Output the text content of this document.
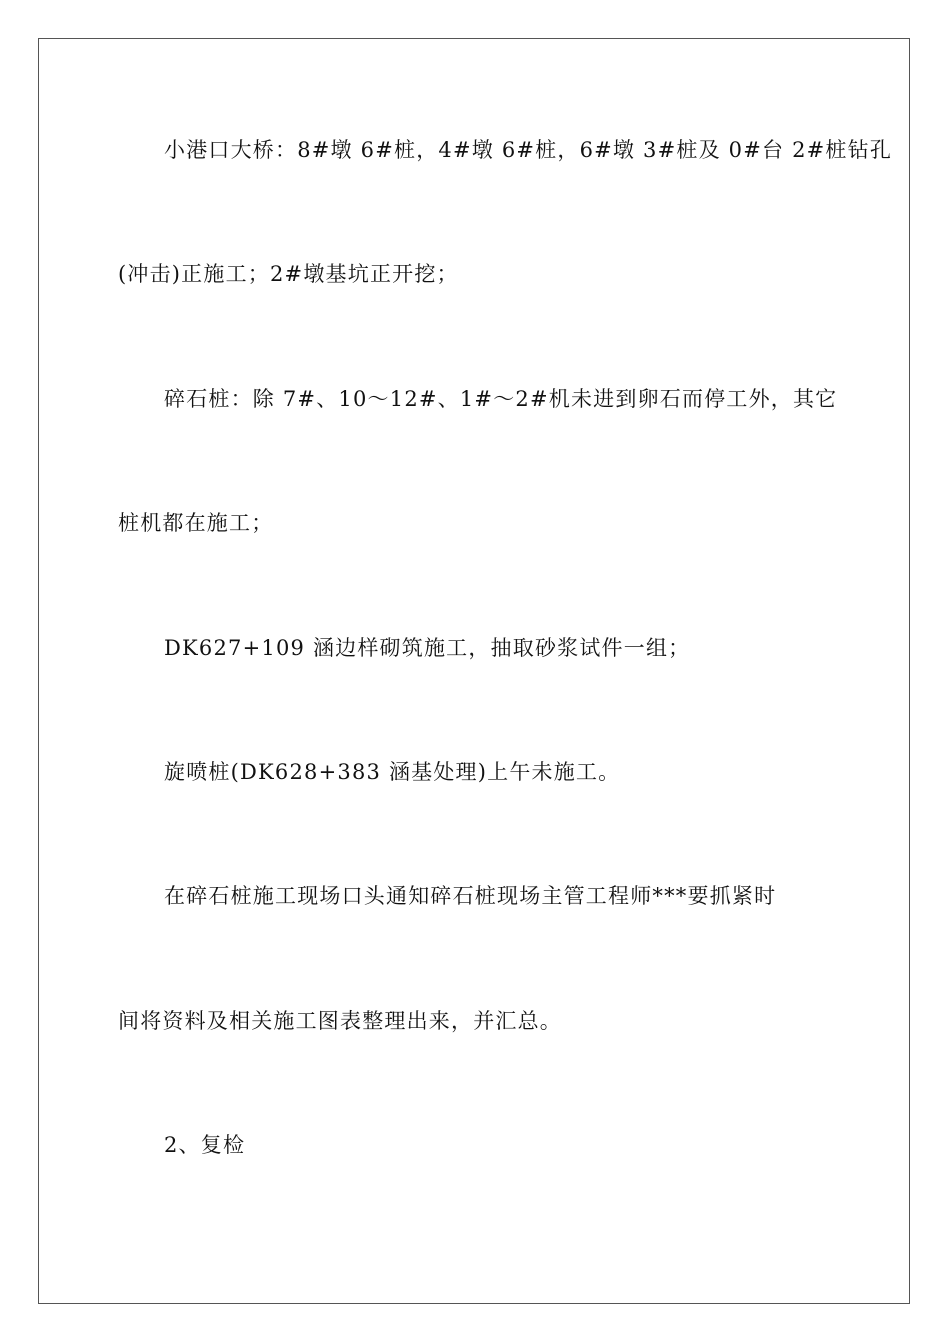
小港口大桥：8#墩 6#桩，4#墩 6#桩，6#墩 3#桩及 0#台 2#桩钻孔
(冲击)正施工；2#墩基坑正开挖；
碎石桩：除 7#、10～12#、1#～2#机未进到卵石而停工外，其它
桩机都在施工；
DK627+109 涵边样砌筑施工，抽取砂浆试件一组；
旋喷桩(DK628+383 涵基处理)上午未施工。
在碎石桩施工现场口头通知碎石桩现场主管工程师***要抓紧时
间将资料及相关施工图表整理出来，并汇总。
2、复检
